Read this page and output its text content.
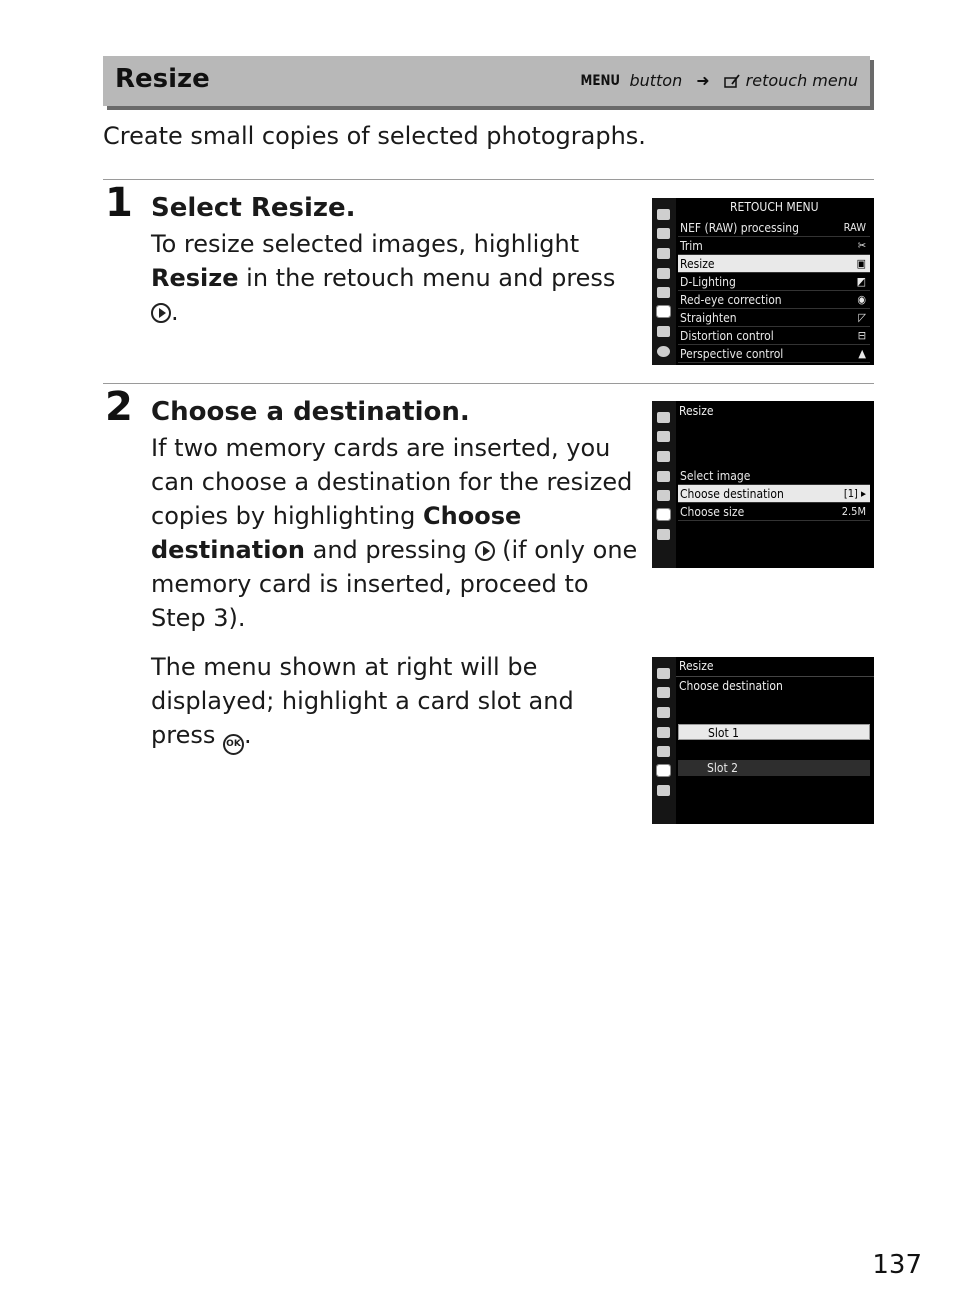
Resize	MENU button ➜ retouch menu
Create small copies of selected photographs.
1 Select Resize.
To resize selected images, highlight
Resize in the retouch menu and press .
RETOUCH MENU
NEF (RAW) processing	RAW
Trim	✂
Resize	▣
D-Lighting	◩
Red-eye correction	◉
Straighten	◸
Distortion control	⊟
Perspective control	▲
2 Choose a destination.
If two memory cards are inserted, you can choose a destination for the resized copies by highlighting Choose destination and pressing  (if only one memory card is inserted, proceed to Step 3).
The menu shown at right will be displayed; highlight a card slot and press OK .
Resize
Select image
Choose destination	[1] ▸
Choose size	2.5M
Resize
Choose destination
Slot 1
Slot 2
137
